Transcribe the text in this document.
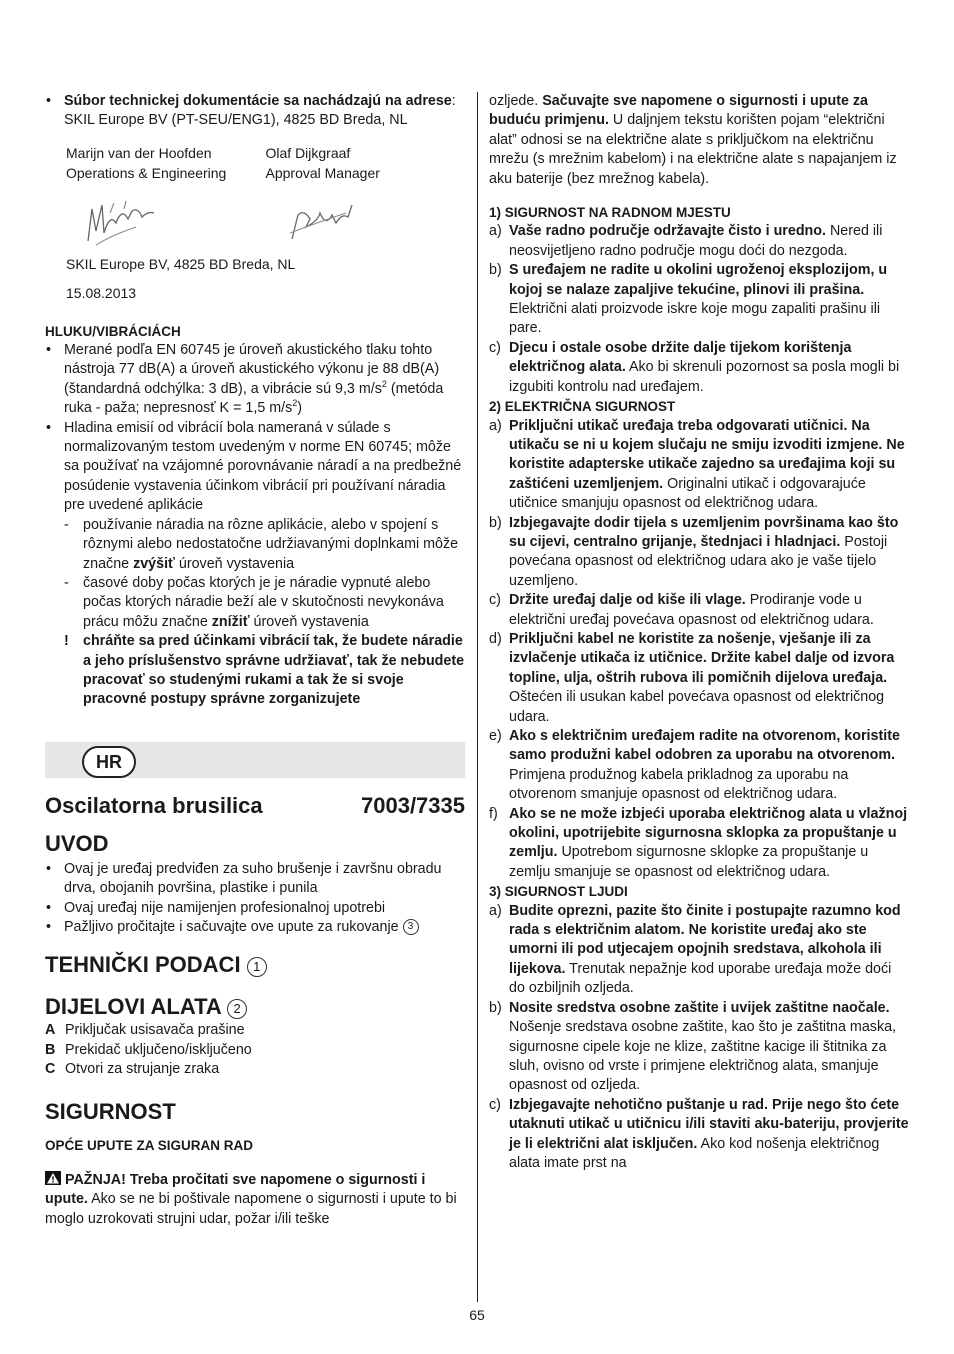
• Súbor technickej dokumentácie sa nachádzajú na adrese: SKIL Europe BV (PT-SEU/ENG1), 4825 BD Breda, NL

Marijn van der Hoofden
Operations & Engineering
Olaf Dijkgraaf
Approval Manager

SKIL Europe BV, 4825 BD Breda, NL

15.08.2013

HLUKU/VIBRÁCIÁCH

• Merané podľa EN 60745 je úroveň akustického tlaku tohto nástroja 77 dB(A) a úroveň akustického výkonu je 88 dB(A) (štandardná odchýlka: 3 dB), a vibrácie sú 9,3 $m/s^2$ (metóda ruka - paža; nepresnosť K = 1,5 $m/s^2$)

• Hladina emisií od vibrácií bola nameraná v súlade s normalizovaným testom uvedeným v norme EN 60745; môže sa používať na vzájomné porovnávanie náradí a na predbežné posúdenie vystavenia účinkom vibrácií pri používaní náradia pre uvedené aplikácie

- používanie náradia na rôzne aplikácie, alebo v spojení s rôznymi alebo nedostatočne udržiavanými doplnkami môže značne zvýšiť úroveň vystavenia

- časové doby počas ktorých je je náradie vypnuté alebo počas ktorých náradie beží ale v skutočnosti nevykonáva prácu môžu značne znížiť úroveň vystavenia

! chráňte sa pred účinkami vibrácií tak, že budete náradie a jeho príslušenstvo správne udržiavať, tak že nebudete pracovať so studenými rukami a tak že si svoje pracovné postupy správne zorganizujete

HR
Oscilatorna brusilica	7003/7335

UVOD

• Ovaj je uređaj predviđen za suho brušenje i završnu obradu drva, obojanih površina, plastike i punila

• Ovaj uređaj nije namijenjen profesionalnoj upotrebi

• Pažljivo pročitajte i sačuvajte ove upute za rukovanje 3

TEHNIČKI PODACI 1

DIJELOVI ALATA 2

A Priključak usisavača prašine

B Prekidač uključeno/isključeno

C Otvori za strujanje zraka

SIGURNOST

OPĆE UPUTE ZA SIGURAN RAD

PAŽNJA! Treba pročitati sve napomene o sigurnosti i upute. Ako se ne bi poštivale napomene o sigurnosti i upute to bi moglo uzrokovati strujni udar, požar i/ili teške

ozljede. Sačuvajte sve napomene o sigurnosti i upute za buduću primjenu. U daljnjem tekstu korišten pojam “električni alat” odnosi se na električne alate s priključkom na električnu mrežu (s mrežnim kabelom) i na električne alate s napajanjem iz aku baterije (bez mrežnog kabela).

1) SIGURNOST NA RADNOM MJESTU

a) Vaše radno područje održavajte čisto i uredno. Nered ili neosvijetljeno radno područje mogu doći do nezgoda.

b) S uređajem ne radite u okolini ugroženoj eksplozijom, u kojoj se nalaze zapaljive tekućine, plinovi ili prašina. Električni alati proizvode iskre koje mogu zapaliti prašinu ili pare.

c) Djecu i ostale osobe držite dalje tijekom korištenja električnog alata. Ako bi skrenuli pozornost sa posla mogli bi izgubiti kontrolu nad uređajem.

2) ELEKTRIČNA SIGURNOST

a) Priključni utikač uređaja treba odgovarati utičnici. Na utikaču se ni u kojem slučaju ne smiju izvoditi izmjene. Ne koristite adapterske utikače zajedno sa uređajima koji su zaštićeni uzemljenjem. Originalni utikač i odgovarajuće utičnice smanjuju opasnost od električnog udara.

b) Izbjegavajte dodir tijela s uzemljenim površinama kao što su cijevi, centralno grijanje, štednjaci i hladnjaci. Postoji povećana opasnost od električnog udara ako je vaše tijelo uzemljeno.

c) Držite uređaj dalje od kiše ili vlage. Prodiranje vode u električni uređaj povećava opasnost od električnog udara.

d) Priključni kabel ne koristite za nošenje, vješanje ili za izvlačenje utikača iz utičnice. Držite kabel dalje od izvora topline, ulja, oštrih rubova ili pomičnih dijelova uređaja. Oštećen ili usukan kabel povećava opasnost od električnog udara.

e) Ako s električnim uređajem radite na otvorenom, koristite samo produžni kabel odobren za uporabu na otvorenom. Primjena produžnog kabela prikladnog za uporabu na otvorenom smanjuje opasnost od električnog udara.

f) Ako se ne može izbjeći uporaba električnog alata u vlažnoj okolini, upotrijebite sigurnosna sklopka za propuštanje u zemlju. Upotrebom sigurnosne sklopke za propuštanje u zemlju smanjuje se opasnost od električnog udara.

3) SIGURNOST LJUDI

a) Budite oprezni, pazite što činite i postupajte razumno kod rada s električnim alatom. Ne koristite uređaj ako ste umorni ili pod utjecajem opojnih sredstava, alkohola ili lijekova. Trenutak nepažnje kod uporabe uređaja može doći do ozbiljnih ozljeda.

b) Nosite sredstva osobne zaštite i uvijek zaštitne naočale. Nošenje sredstava osobne zaštite, kao što je zaštitna maska, sigurnosne cipele koje ne klize, zaštitne kacige ili štitnika za sluh, ovisno od vrste i primjene električnog alata, smanjuje opasnost od ozljeda.

c) Izbjegavajte nehotično puštanje u rad. Prije nego što ćete utaknuti utikač u utičnicu i/ili staviti aku-bateriju, provjerite je li električni alat isključen. Ako kod nošenja električnog alata imate prst na

65
